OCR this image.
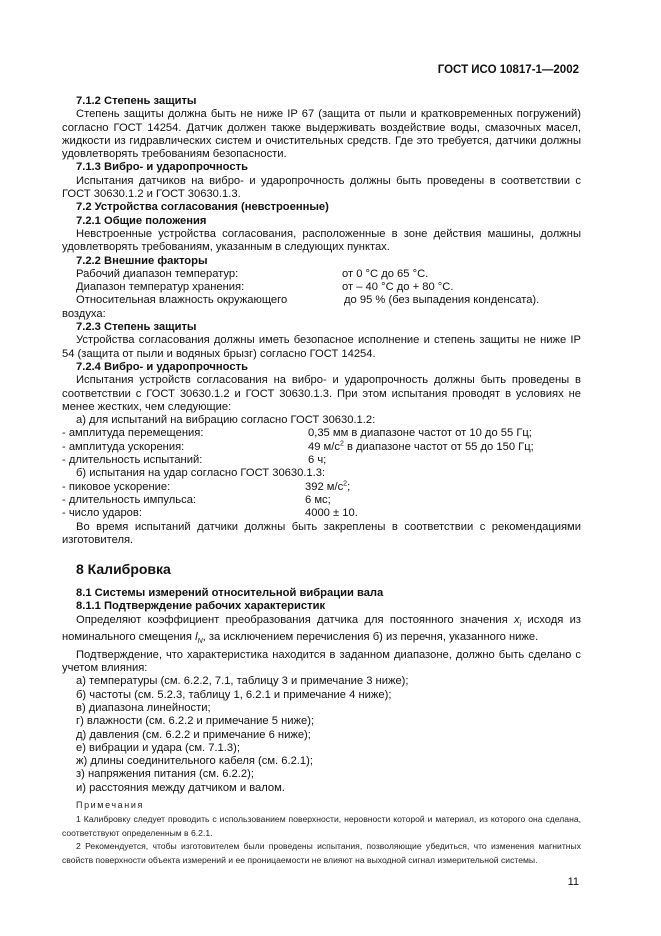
ГОСТ ИСО 10817-1—2002

7.1.2 Степень защиты

Степень защиты должна быть не ниже IP 67 (защита от пыли и кратковременных погружений) согласно ГОСТ 14254. Датчик должен также выдерживать воздействие воды, смазочных масел, жидкости из гидравлических систем и очистительных средств. Где это требуется, датчики должны удовлетворять требованиям безопасности.

7.1.3 Вибро- и ударопрочность

Испытания датчиков на вибро- и ударопрочность должны быть проведены в соответствии с ГОСТ 30630.1.2 и ГОСТ 30630.1.3.

7.2 Устройства согласования (невстроенные)

7.2.1 Общие положения

Невстроенные устройства согласования, расположенные в зоне действия машины, должны удовлетворять требованиям, указанным в следующих пунктах.

7.2.2 Внешние факторы

Рабочий диапазон температур:	от 0 °С до 65 °С.
Диапазон температур хранения:	от – 40 °С до + 80 °С.
Относительная влажность окружающего воздуха:
до 95 % (без выпадения конденсата).

7.2.3 Степень защиты

Устройства согласования должны иметь безопасное исполнение и степень защиты не ниже IP 54 (защита от пыли и водяных брызг) согласно ГОСТ 14254.

7.2.4 Вибро- и ударопрочность

Испытания устройств согласования на вибро- и ударопрочность должны быть проведены в соответствии с ГОСТ 30630.1.2 и ГОСТ 30630.1.3. При этом испытания проводят в условиях не менее жестких, чем следующие:

а) для испытаний на вибрацию согласно ГОСТ 30630.1.2:

- амплитуда перемещения:	0,35 мм в диапазоне частот от 10 до 55 Гц;
- амплитуда ускорения:	49 $м/с^2$ в диапазоне частот от 55 до 150 Гц;
- длительность испытаний:	6 ч;

б) испытания на удар согласно ГОСТ 30630.1.3:

- пиковое ускорение:	392 $м/с^2$;
- длительность импульса:	6 мс;
- число ударов:	4000 ± 10.

Во время испытаний датчики должны быть закреплены в соответствии с рекомендациями изготовителя.

8 Калибровка

8.1 Системы измерений относительной вибрации вала

8.1.1 Подтверждение рабочих характеристик

Определяют коэффициент преобразования датчика для постоянного значения $x_i$ исходя из номинального смещения $l_N$, за исключением перечисления б) из перечня, указанного ниже.

Подтверждение, что характеристика находится в заданном диапазоне, должно быть сделано с учетом влияния:

а) температуры (см. 6.2.2, 7.1, таблицу 3 и примечание 3 ниже);

б) частоты (см. 5.2.3, таблицу 1, 6.2.1 и примечание 4 ниже);

в) диапазона линейности;

г) влажности (см. 6.2.2 и примечание 5 ниже);

д) давления (см. 6.2.2 и примечание 6 ниже);

е) вибрации и удара (см. 7.1.3);

ж) длины соединительного кабеля (см. 6.2.1);

з) напряжения питания (см. 6.2.2);

и) расстояния между датчиком и валом.

Примечания

1 Калибровку следует проводить с использованием поверхности, неровности которой и материал, из которого она сделана, соответствуют определенным в 6.2.1.

2 Рекомендуется, чтобы изготовителем были проведены испытания, позволяющие убедиться, что изменения магнитных свойств поверхности объекта измерений и ее проницаемости не влияют на выходной сигнал измерительной системы.

11
